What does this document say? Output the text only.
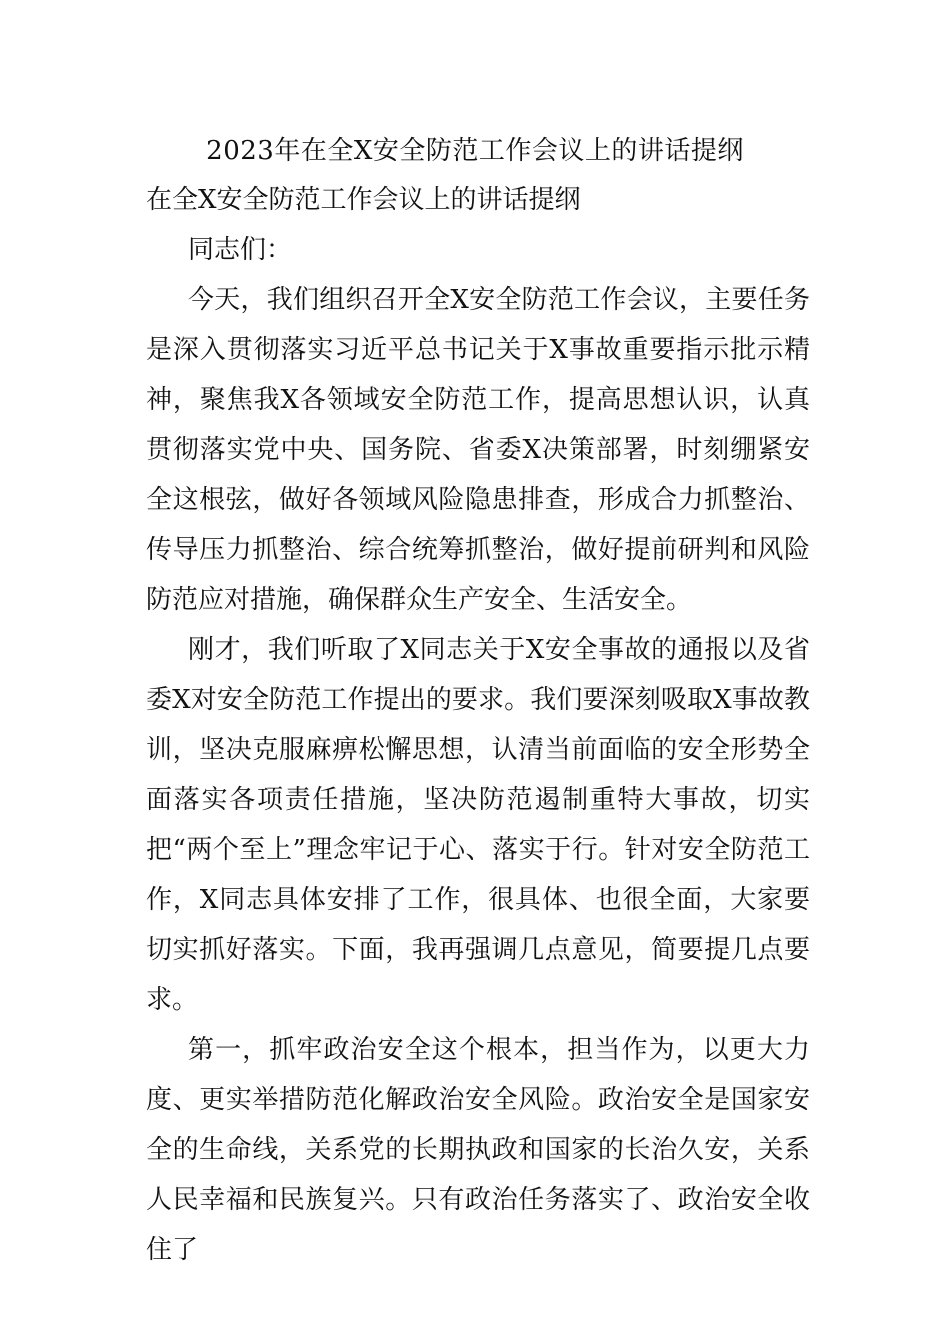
2023年在全X安全防范工作会议上的讲话提纲
在全X安全防范工作会议上的讲话提纲

同志们：

今天，我们组织召开全X安全防范工作会议，主要任务是深入贯彻落实习近平总书记关于X事故重要指示批示精神，聚焦我X各领域安全防范工作，提高思想认识，认真贯彻落实党中央、国务院、省委X决策部署，时刻绷紧安全这根弦，做好各领域风险隐患排查，形成合力抓整治、传导压力抓整治、综合统筹抓整治，做好提前研判和风险防范应对措施，确保群众生产安全、生活安全。

刚才，我们听取了X同志关于X安全事故的通报以及省委X对安全防范工作提出的要求。我们要深刻吸取X事故教训，坚决克服麻痹松懈思想，认清当前面临的安全形势全面落实各项责任措施，坚决防范遏制重特大事故，切实把“两个至上”理念牢记于心、落实于行。针对安全防范工作，X同志具体安排了工作，很具体、也很全面，大家要切实抓好落实。下面，我再强调几点意见，简要提几点要求。

第一，抓牢政治安全这个根本，担当作为，以更大力度、更实举措防范化解政治安全风险。政治安全是国家安全的生命线，关系党的长期执政和国家的长治久安，关系人民幸福和民族复兴。只有政治任务落实了、政治安全收住了
